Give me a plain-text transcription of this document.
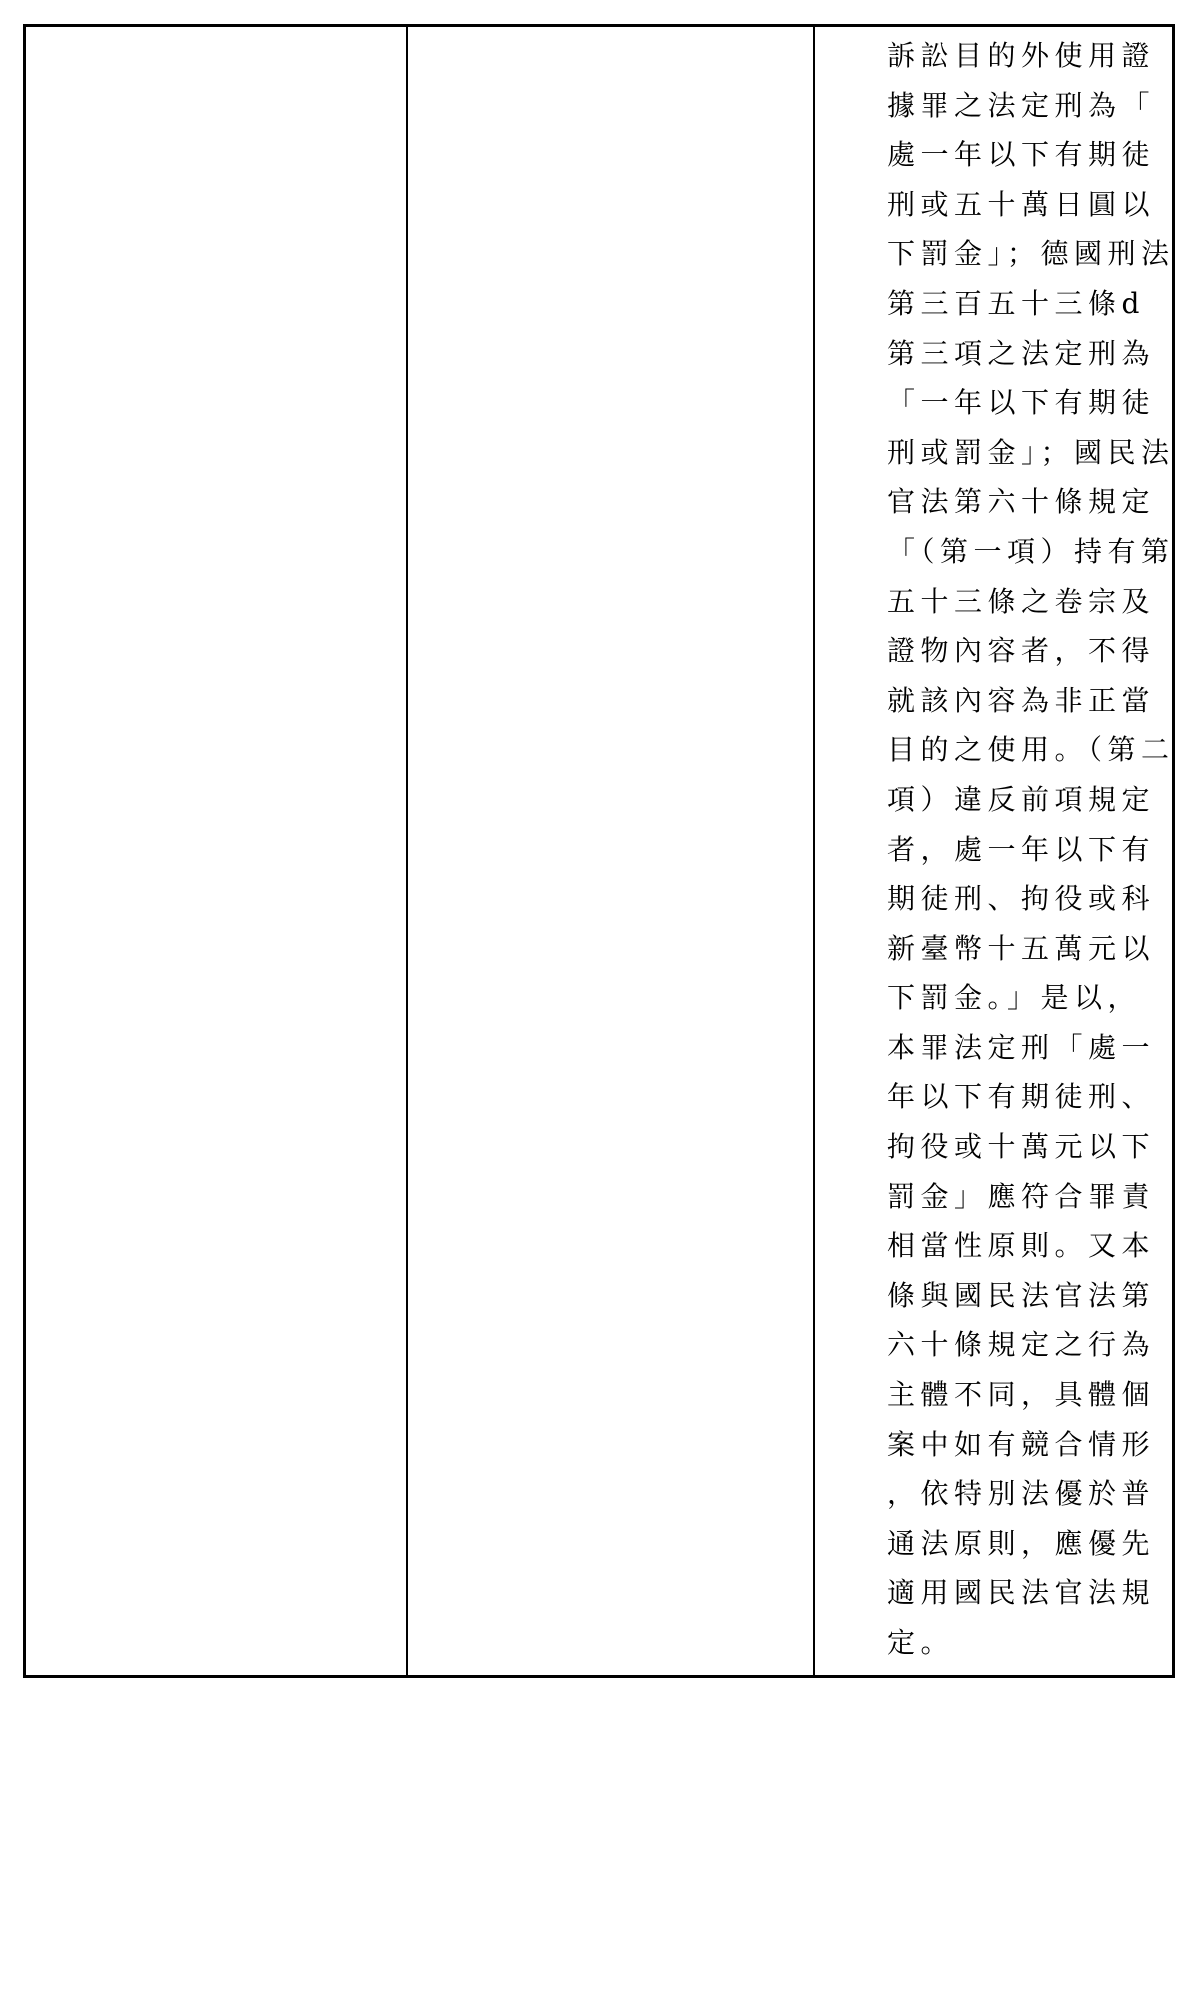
訴訟目的外使用證
據罪之法定刑為「
處一年以下有期徒
刑或五十萬日圓以
下罰金」；德國刑法
第三百五十三條d
第三項之法定刑為
「一年以下有期徒
刑或罰金」；國民法
官法第六十條規定
「（第一項）持有第
五十三條之卷宗及
證物內容者，不得
就該內容為非正當
目的之使用。（第二
項）違反前項規定
者，處一年以下有
期徒刑、拘役或科
新臺幣十五萬元以
下罰金。」是以，
本罪法定刑「處一
年以下有期徒刑、
拘役或十萬元以下
罰金」應符合罪責
相當性原則。又本
條與國民法官法第
六十條規定之行為
主體不同，具體個
案中如有競合情形
，依特別法優於普
通法原則，應優先
適用國民法官法規
定。
